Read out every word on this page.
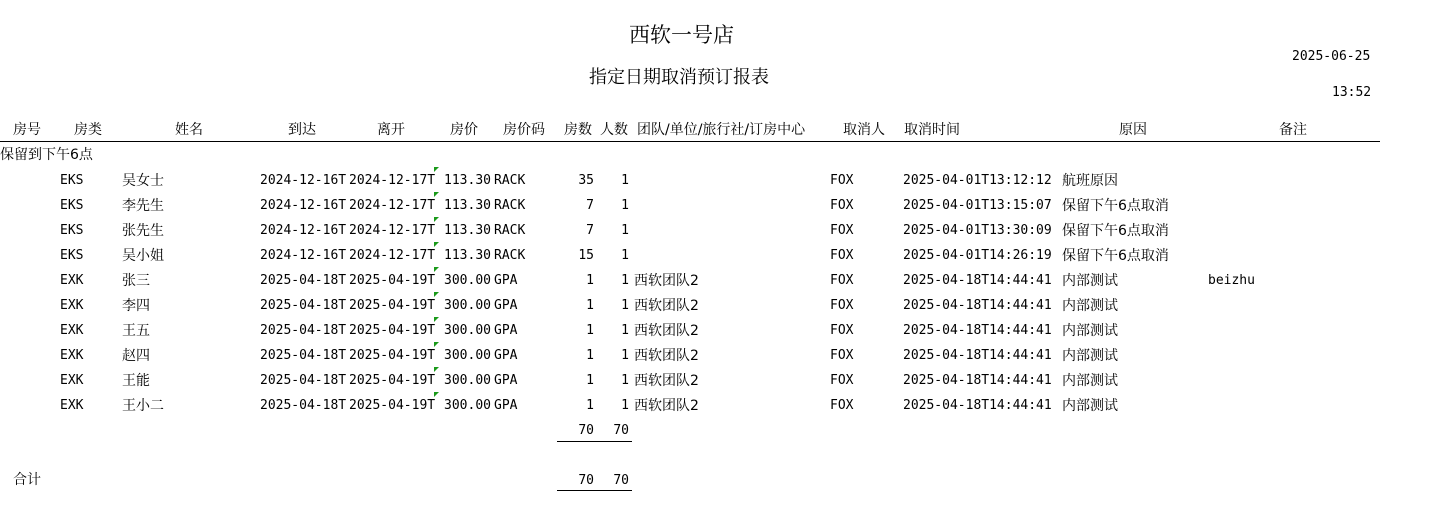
西软一号店
2025-06-25
指定日期取消预订报表
13:52
房号 房类	姓名	到达	离开	房价 房价码 房数 人数 团队/单位/旅行社/订房中心	取消人 取消时间	原因	备注
保留到下午6点
EKS	吴女士	2024-12-16T 2024-12-17T 113.30 RACK	35	1	FOX	2025-04-01T13:12:12 航班原因
EKS	李先生	2024-12-16T 2024-12-17T 113.30 RACK	7	1	FOX	2025-04-01T13:15:07 保留下午6点取消
EKS	张先生	2024-12-16T 2024-12-17T 113.30 RACK	7	1	FOX	2025-04-01T13:30:09 保留下午6点取消
EKS	吴小姐	2024-12-16T 2024-12-17T 113.30 RACK	15	1	FOX	2025-04-01T14:26:19 保留下午6点取消
EXK	张三	2025-04-18T 2025-04-19T 300.00 GPA	1	1 西软团队2	FOX	2025-04-18T14:44:41 内部测试	beizhu
EXK	李四	2025-04-18T 2025-04-19T 300.00 GPA	1	1 西软团队2	FOX	2025-04-18T14:44:41 内部测试
EXK	王五	2025-04-18T 2025-04-19T 300.00 GPA	1	1 西软团队2	FOX	2025-04-18T14:44:41 内部测试
EXK	赵四	2025-04-18T 2025-04-19T 300.00 GPA	1	1 西软团队2	FOX	2025-04-18T14:44:41 内部测试
EXK	王能	2025-04-18T 2025-04-19T 300.00 GPA	1	1 西软团队2	FOX	2025-04-18T14:44:41 内部测试
EXK	王小二	2025-04-18T 2025-04-19T 300.00 GPA	1	1 西软团队2	FOX	2025-04-18T14:44:41 内部测试
70	70
合计	70	70
